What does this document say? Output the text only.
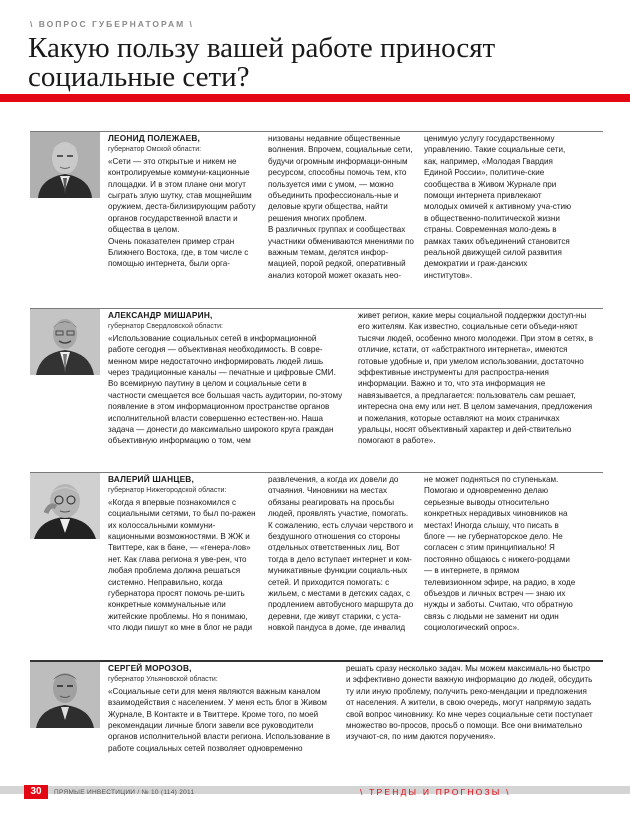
\ ВОПРОС ГУБЕРНАТОРАМ \
Какую пользу вашей работе приносят социальные сети?

ЛЕОНИД ПОЛЕЖАЕВ,

губернатор Омской области:

«Сети — это открытые и никем не контролируемые коммуни-кационные площадки. И в этом плане они могут сыграть злую шутку, став мощнейшим оружием, деста-билизирующим работу органов государственной власти и общества в целом.
Очень показателен пример стран Ближнего Востока, где, в том числе с помощью интернета, были орга-

низованы недавние общественные волнения. Впрочем, социальные сети, будучи огромным информаци-онным ресурсом, способны помочь тем, кто пользуется ими с умом, — можно объединить профессиональ-ные и деловые круги общества, найти решения многих проблем.
В различных группах и сообществах участники обмениваются мнениями по важным темам, делятся инфор-мацией, порой редкой, оперативный анализ которой может оказать нео-

ценимую услугу государственному управлению. Такие социальные сети, как, например, «Молодая Гвардия Единой России», политиче-ские сообщества в Живом Журнале при помощи интернета привлекают молодых омичей к активному уча-стию в общественно-политической жизни страны. Современная моло-дежь в рамках таких объединений становится реальной движущей силой развития демократии и граж-данских институтов».

АЛЕКСАНДР МИШАРИН,

губернатор Свердловской области:

«Использование социальных сетей в информационной работе сегодня — объективная необходимость. В совре-менном мире недостаточно информировать людей лишь через традиционные каналы — печатные и цифровые СМИ. Во всемирную паутину в целом и социальные сети в частности смещается все большая часть аудитории, по-этому появление в этом информационном пространстве органов исполнительной власти совершенно естествен-но. Наша задача — донести до максимально широкого круга граждан объективную информацию о том, чем

живет регион, какие меры социальной поддержки доступ-ны его жителям. Как известно, социальные сети объеди-няют тысячи людей, особенно много молодежи. При этом в сетях, в отличие, кстати, от «абстрактного интернета», имеются готовые удобные и, при умелом использовании, достаточно эффективные инструменты для распростра-нения информации. Важно и то, что эта информация не навязывается, а предлагается: пользователь сам решает, интересна она ему или нет. В целом замечания, предложения и пожелания, которые оставляют на моих страничках уральцы, носят объективный характер и дей-ствительно помогают в работе».

ВАЛЕРИЙ ШАНЦЕВ,

губернатор Нижегородской области:

«Когда я впервые познакомился с социальными сетями, то был по-ражен их колоссальными коммуни-кационными возможностями. В ЖЖ и Твиттере, как в бане, — «генера-лов» нет. Как глава региона я уве-рен, что любая проблема должна решаться системно. Неправильно, когда губернатора просят помочь ре-шить конкретные коммунальные или житейские проблемы. Но я понимаю, что люди пишут ко мне в блог не ради

развлечения, а когда их довели до отчаяния. Чиновники на местах обязаны реагировать на просьбы людей, проявлять участие, помогать. К сожалению, есть случаи черствого и бездушного отношения со стороны отдельных ответственных лиц. Вот тогда в дело вступает интернет и ком-муникативные функции социаль-ных сетей. И приходится помогать: с жильем, с местами в детских садах, с продлением автобусного маршрута до деревни, где живут старики, с уста-новкой пандуса в доме, где инвалид

не может подняться по ступенькам. Помогаю и одновременно делаю серьезные выводы относительно конкретных нерадивых чиновников на местах! Иногда слышу, что писать в блоге — не губернаторское дело. Не согласен с этим принципиально! Я постоянно общаюсь с нижего-родцами — в интернете, в прямом телевизионном эфире, на радио, в ходе объездов и личных встреч — знаю их нужды и заботы. Считаю, что обратную связь с людьми не заменит ни один социологический опрос».

СЕРГЕЙ МОРОЗОВ,

губернатор Ульяновской области:

«Социальные сети для меня являются важным каналом взаимодействия с населением. У меня есть блог в Живом Журнале, В Контакте и в Твиттере. Кроме того, по моей рекомендации личные блоги завели все руководители органов исполнительной власти региона. Использование в работе социальных сетей позволяет одновременно

решать сразу несколько задач. Мы можем максималь-но быстро и эффективно донести важную информацию до людей, обсудить ту или иную проблему, получить реко-мендации и предложения от населения. А жители, в свою очередь, могут напрямую задать свой вопрос чиновнику. Ко мне через социальные сети поступает множество во-просов, просьб о помощи. Все они внимательно изучают-ся, по ним даются поручения».

30	ПРЯМЫЕ ИНВЕСТИЦИИ / № 10 (114) 2011	\ ТРЕНДЫ И ПРОГНОЗЫ \
